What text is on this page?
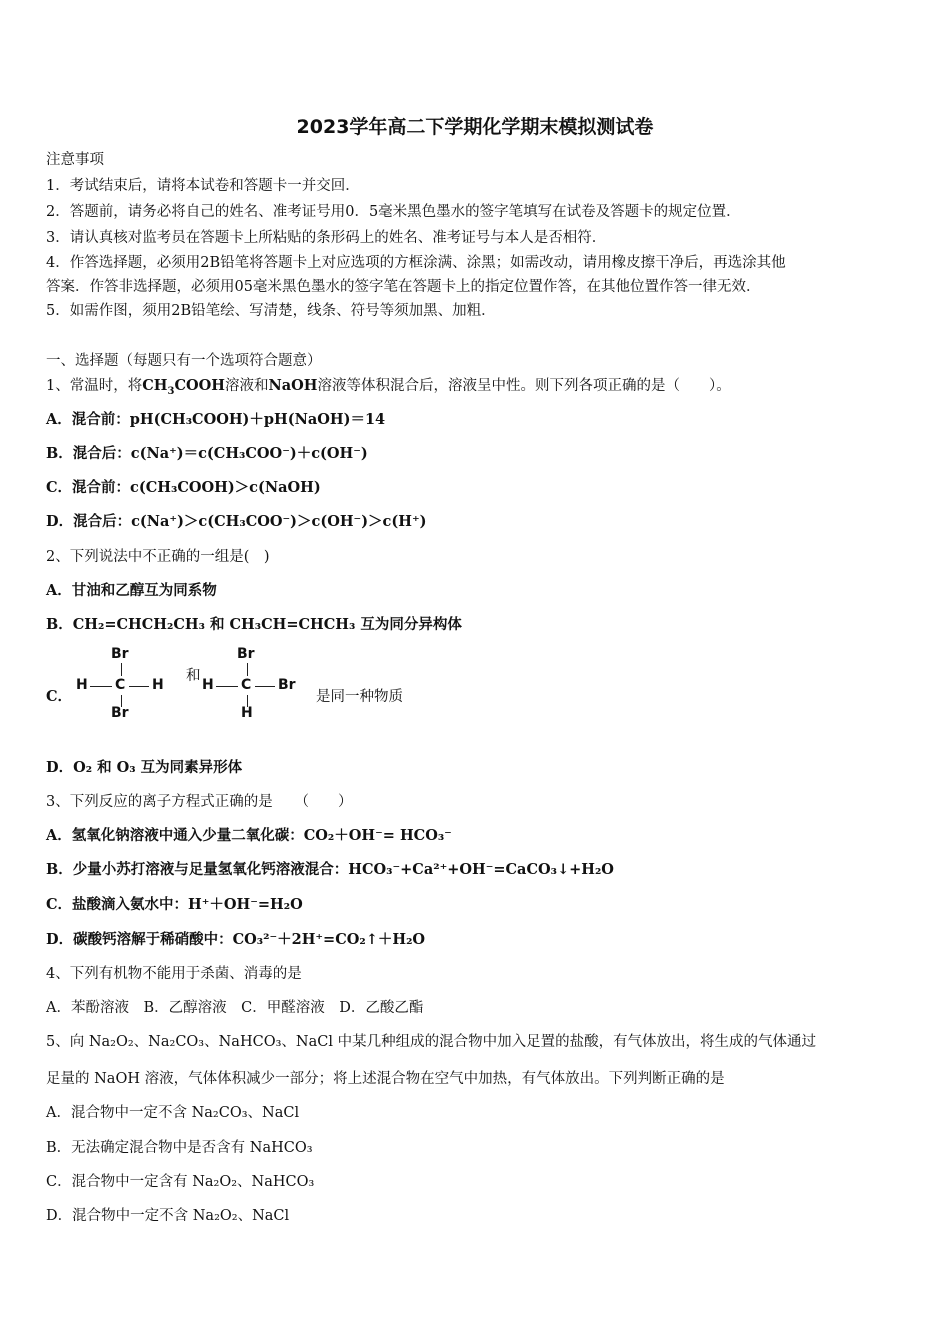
2023学年高二下学期化学期末模拟测试卷
注意事项
1．考试结束后，请将本试卷和答题卡一并交回．
2．答题前，请务必将自己的姓名、准考证号用0．5毫米黑色墨水的签字笔填写在试卷及答题卡的规定位置．
3．请认真核对监考员在答题卡上所粘贴的条形码上的姓名、准考证号与本人是否相符．
4．作答选择题，必须用2B铅笔将答题卡上对应选项的方框涂满、涂黑；如需改动，请用橡皮擦干净后，再选涂其他
答案．作答非选择题，必须用05毫米黑色墨水的签字笔在答题卡上的指定位置作答，在其他位置作答一律无效．
5．如需作图，须用2B铅笔绘、写清楚，线条、符号等须加黑、加粗．
一、选择题（每题只有一个选项符合题意）
1、常温时，将$CH_3COOH$溶液和NaOH溶液等体积混合后，溶液呈中性。则下列各项正确的是（　　）。
A．混合前：pH(CH₃COOH)＋pH(NaOH)＝14
B．混合后：c(Na⁺)＝c(CH₃COO⁻)＋c(OH⁻)
C．混合前：c(CH₃COOH)＞c(NaOH)
D．混合后：c(Na⁺)＞c(CH₃COO⁻)＞c(OH⁻)＞c(H⁺)
2、下列说法中不正确的一组是(　)
A．甘油和乙醇互为同系物
B．CH₂=CHCH₂CH₃ 和 CH₃CH=CHCH₃ 互为同分异构体
C．
Br
H C H
Br
和
Br
H C Br
H
是同一种物质
D．O₂ 和 O₃ 互为同素异形体
3、下列反应的离子方程式正确的是　　（　　）
A．氢氧化钠溶液中通入少量二氧化碳：CO₂＋OH⁻= HCO₃⁻
B．少量小苏打溶液与足量氢氧化钙溶液混合：HCO₃⁻+Ca²⁺+OH⁻=CaCO₃↓+H₂O
C．盐酸滴入氨水中：H⁺＋OH⁻=H₂O
D．碳酸钙溶解于稀硝酸中：CO₃²⁻＋2H⁺=CO₂↑＋H₂O
4、下列有机物不能用于杀菌、消毒的是
A．苯酚溶液　B．乙醇溶液　C．甲醛溶液　D．乙酸乙酯
5、向 Na₂O₂、Na₂CO₃、NaHCO₃、NaCl 中某几种组成的混合物中加入足置的盐酸，有气体放出，将生成的气体通过
足量的 NaOH 溶液，气体体积减少一部分；将上述混合物在空气中加热，有气体放出。下列判断正确的是
A．混合物中一定不含 Na₂CO₃、NaCl
B．无法确定混合物中是否含有 NaHCO₃
C．混合物中一定含有 Na₂O₂、NaHCO₃
D．混合物中一定不含 Na₂O₂、NaCl
